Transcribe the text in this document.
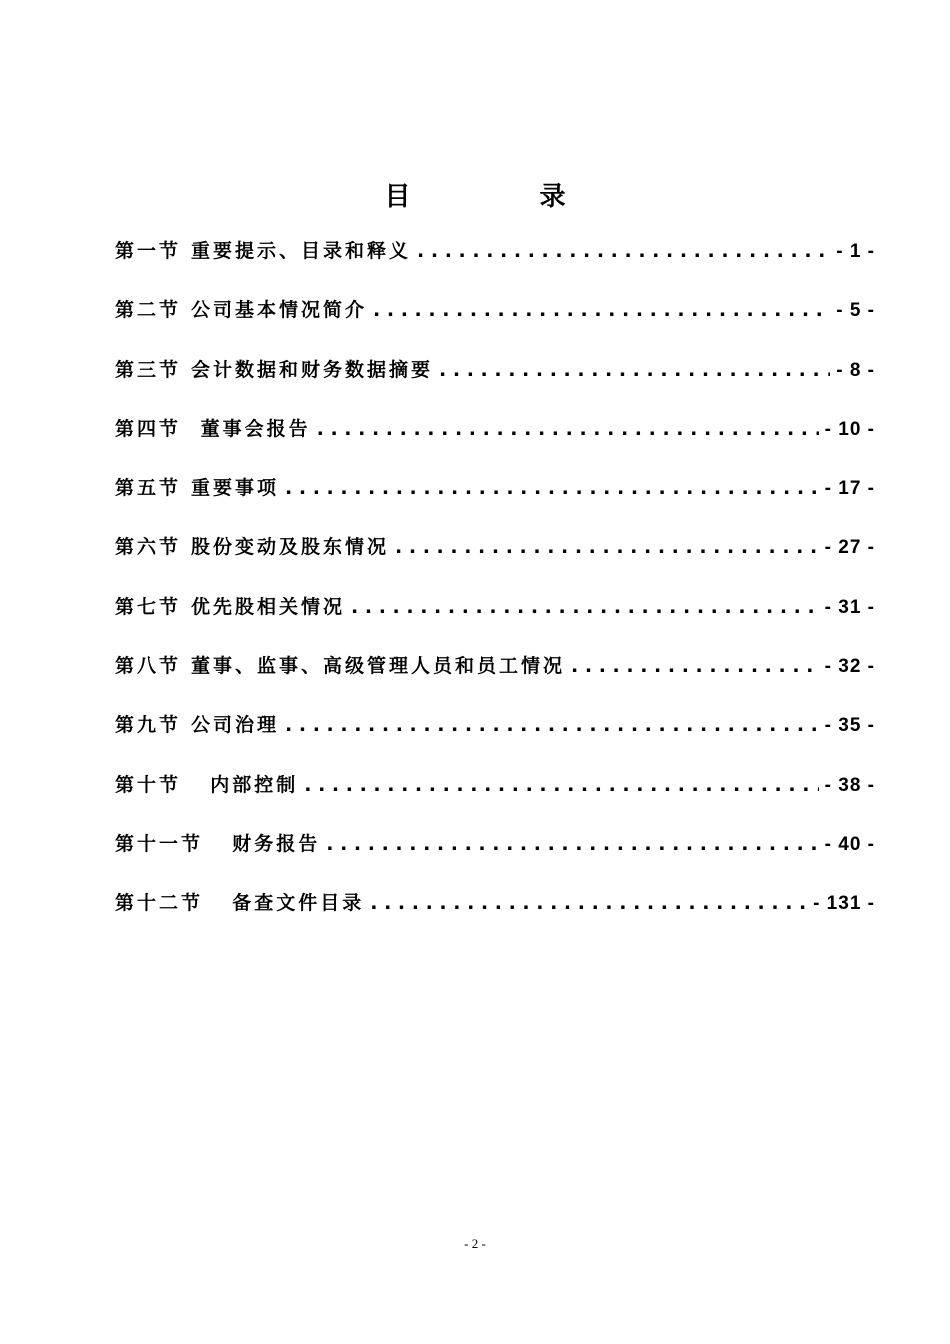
目 录
第一节 重要提示、目录和释义 . . .	- 1 -
第二节 公司基本情况简介 . . .	- 5 -
第三节 会计数据和财务数据摘要 . . .	- 8 -
第四节 董事会报告 . . .	- 10 -
第五节 重要事项 . . .	- 17 -
第六节 股份变动及股东情况 . . .	- 27 -
第七节 优先股相关情况 . . .	- 31 -
第八节 董事、监事、高级管理人员和员工情况 . . .	- 32 -
第九节 公司治理 . . .	- 35 -
第十节 内部控制 . . .	- 38 -
第十一节 财务报告 . . .	- 40 -
第十二节 备查文件目录 . . .	- 131 -
- 2 -
